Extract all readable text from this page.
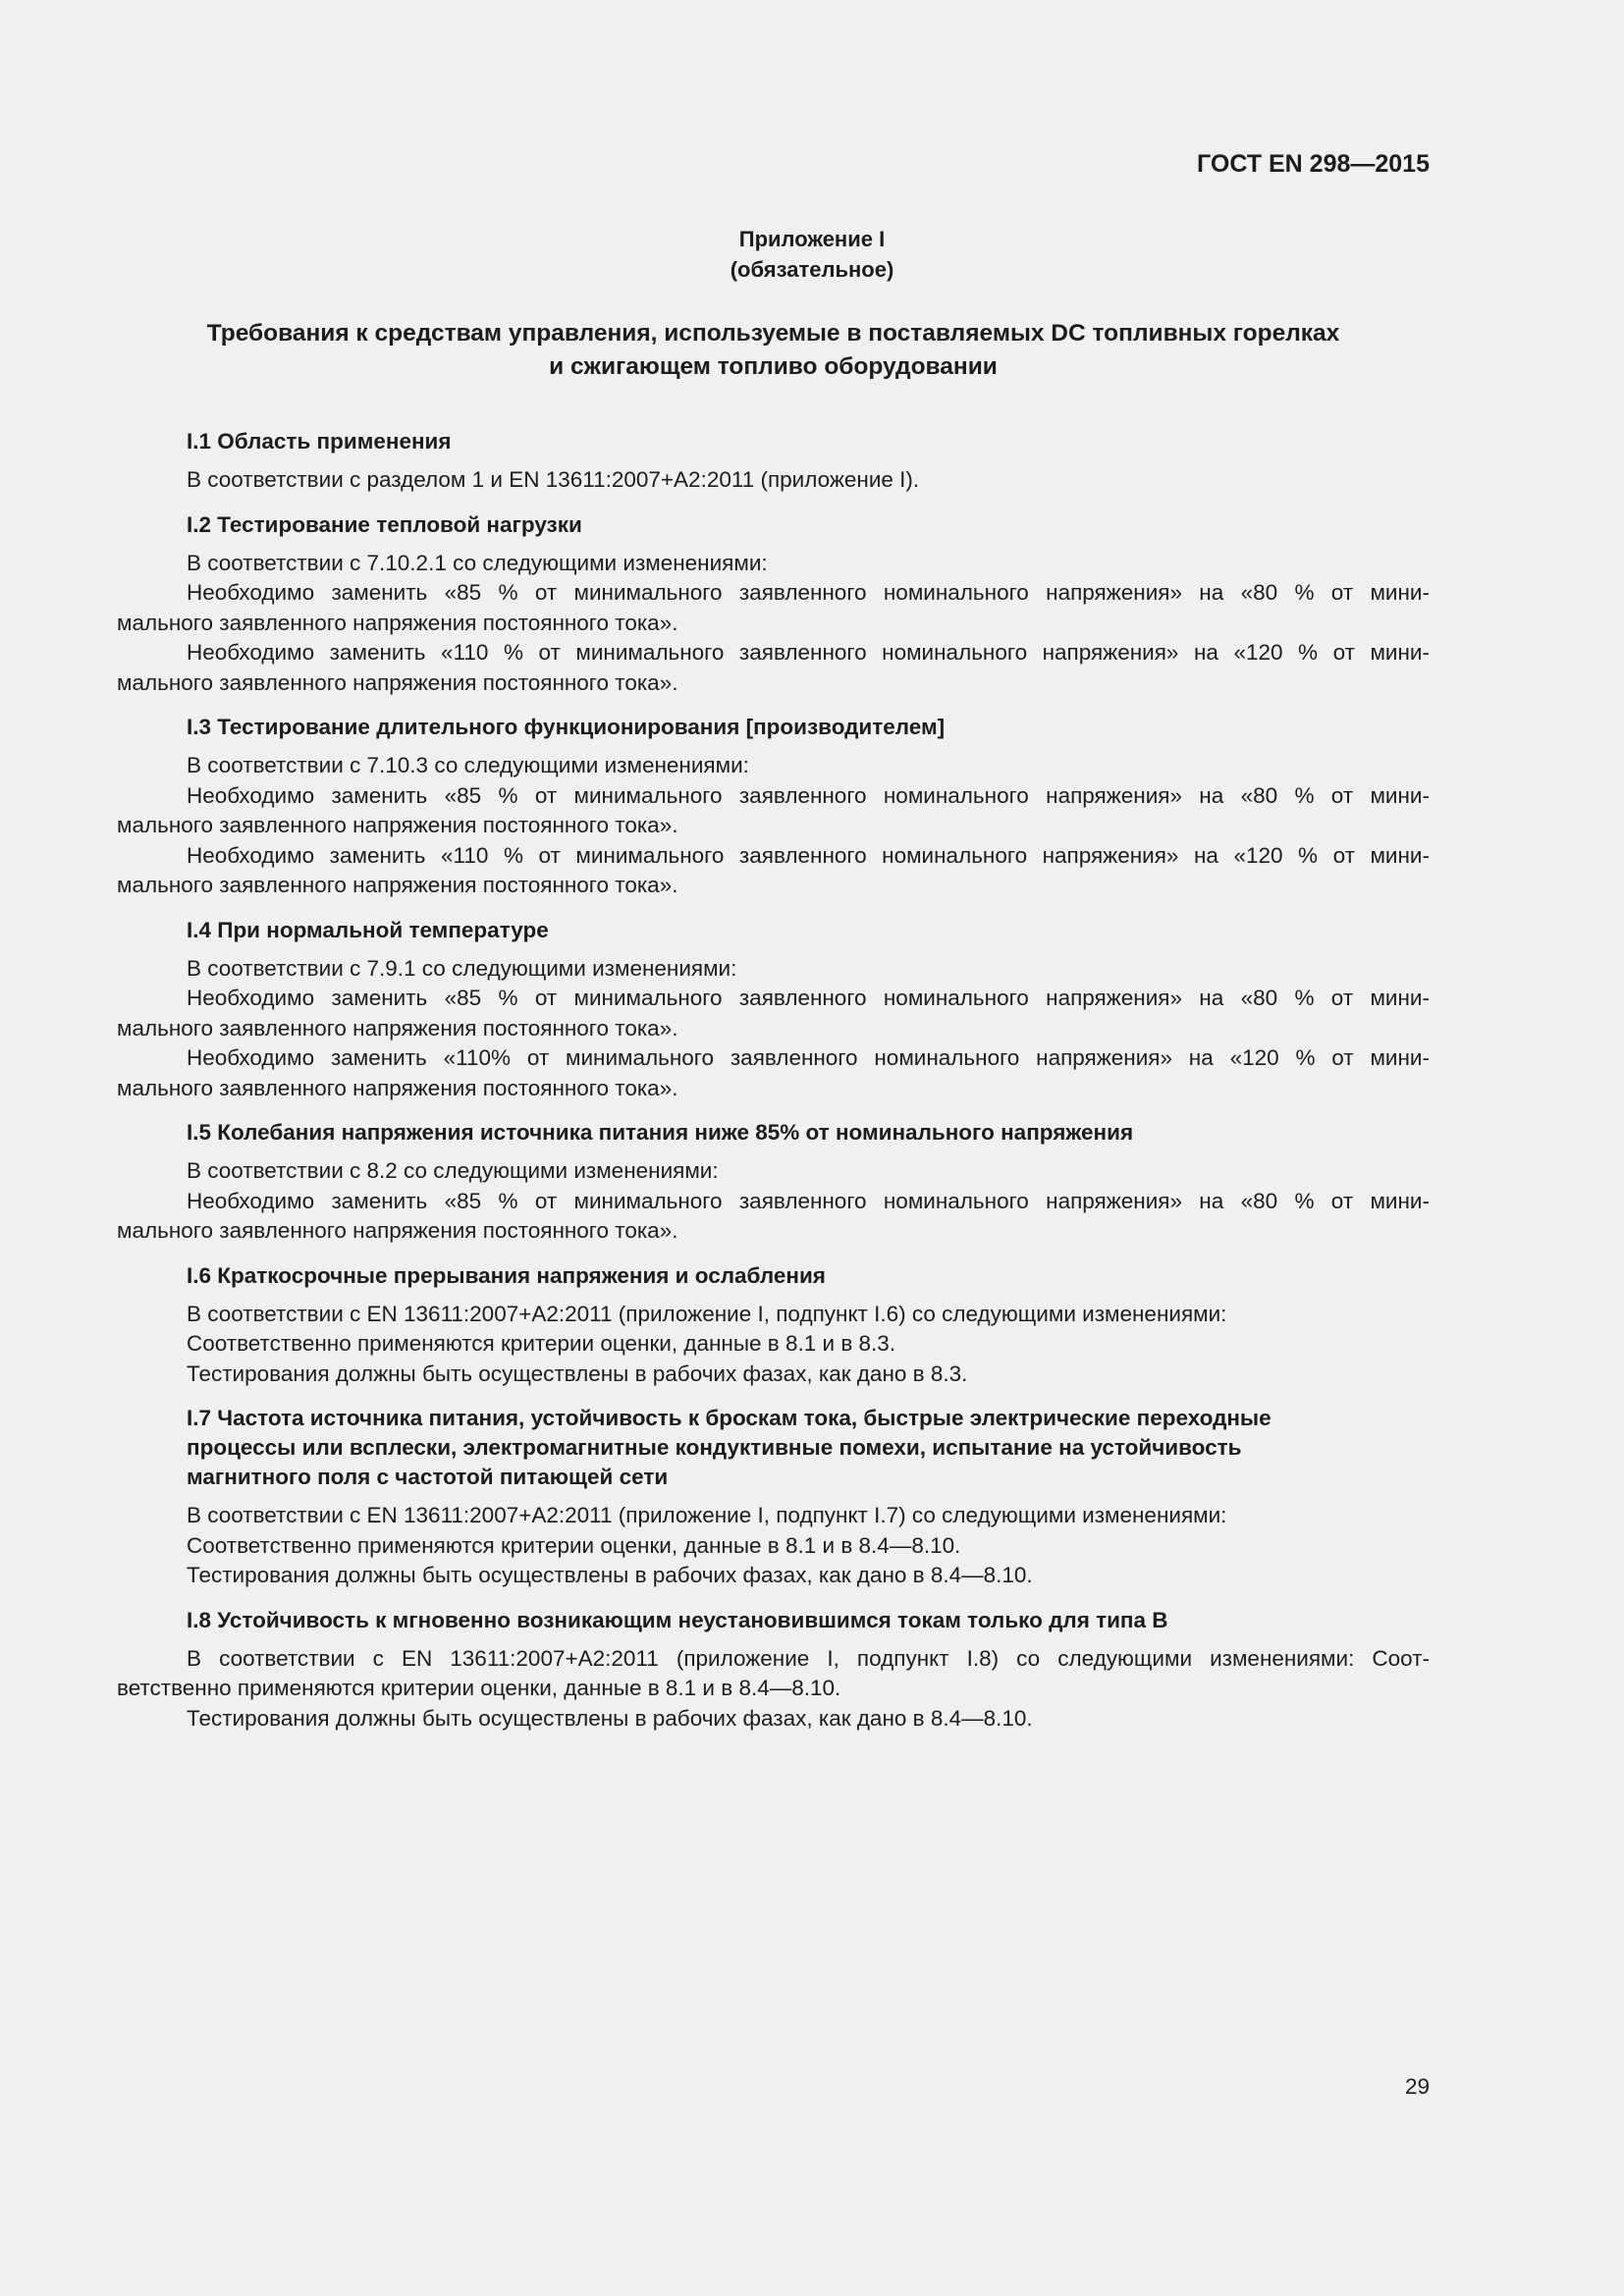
ГОСТ EN 298—2015
Приложение I
(обязательное)
Требования к средствам управления, используемые в поставляемых DC топливных горелках
и сжигающем топливо оборудовании
I.1 Область применения
В соответствии с разделом 1 и EN 13611:2007+A2:2011 (приложение I).
I.2 Тестирование тепловой нагрузки
В соответствии с 7.10.2.1 со следующими изменениями:
Необходимо заменить «85 % от минимального заявленного номинального напряжения» на «80 % от мини-
мального заявленного напряжения постоянного тока».
Необходимо заменить «110 % от минимального заявленного номинального напряжения» на «120 % от мини-
мального заявленного напряжения постоянного тока».
I.3 Тестирование длительного функционирования [производителем]
В соответствии с 7.10.3 со следующими изменениями:
Необходимо заменить «85 % от минимального заявленного номинального напряжения» на «80 % от мини-
мального заявленного напряжения постоянного тока».
Необходимо заменить «110 % от минимального заявленного номинального напряжения» на «120 % от мини-
мального заявленного напряжения постоянного тока».
I.4 При нормальной температуре
В соответствии с 7.9.1 со следующими изменениями:
Необходимо заменить «85 % от минимального заявленного номинального напряжения» на «80 % от мини-
мального заявленного напряжения постоянного тока».
Необходимо заменить «110% от минимального заявленного номинального напряжения» на «120 % от мини-
мального заявленного напряжения постоянного тока».
I.5 Колебания напряжения источника питания ниже 85% от номинального напряжения
В соответствии с 8.2 со следующими изменениями:
Необходимо заменить «85 % от минимального заявленного номинального напряжения» на «80 % от мини-
мального заявленного напряжения постоянного тока».
I.6 Краткосрочные прерывания напряжения и ослабления
В соответствии с EN 13611:2007+A2:2011 (приложение I, подпункт I.6) со следующими изменениями:
Соответственно применяются критерии оценки, данные в 8.1 и в 8.3.
Тестирования должны быть осуществлены в рабочих фазах, как дано в 8.3.
I.7 Частота источника питания, устойчивость к броскам тока, быстрые электрические переходные
процессы или всплески, электромагнитные кондуктивные помехи, испытание на устойчивость
магнитного поля с частотой питающей сети
В соответствии с EN 13611:2007+A2:2011 (приложение I, подпункт I.7) со следующими изменениями:
Соответственно применяются критерии оценки, данные в 8.1 и в 8.4—8.10.
Тестирования должны быть осуществлены в рабочих фазах, как дано в 8.4—8.10.
I.8 Устойчивость к мгновенно возникающим неустановившимся токам только для типа B
В соответствии с EN 13611:2007+A2:2011 (приложение I, подпункт I.8) со следующими изменениями: Соот-
ветственно применяются критерии оценки, данные в 8.1 и в 8.4—8.10.
Тестирования должны быть осуществлены в рабочих фазах, как дано в 8.4—8.10.
29
